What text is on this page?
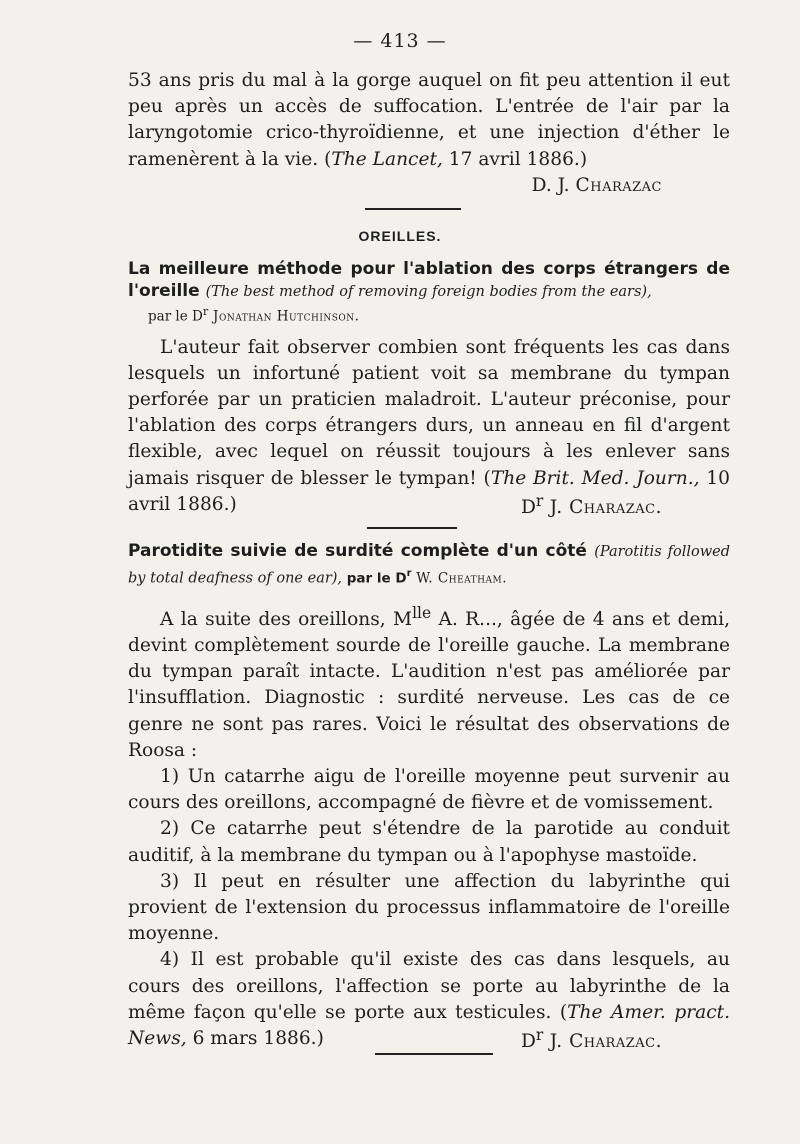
— 413 —

53 ans pris du mal à la gorge auquel on fit peu attention il eut peu après un accès de suffocation. L'entrée de l'air par la laryngotomie crico-thyroïdienne, et une injection d'éther le ramenèrent à la vie. (The Lancet, 17 avril 1886.)

D. J. Charazac
OREILLES.

La meilleure méthode pour l'ablation des corps étrangers de l'oreille (The best method of removing foreign bodies from the ears),

par le $D^r$ Jonathan Hutchinson.

L'auteur fait observer combien sont fréquents les cas dans lesquels un infortuné patient voit sa membrane du tympan perforée par un praticien maladroit. L'auteur préconise, pour l'ablation des corps étrangers durs, un anneau en fil d'argent flexible, avec lequel on réussit toujours à les enlever sans jamais risquer de blesser le tympan! (The Brit. Med. Journ., 10 avril 1886.)	$D^r$ J. Charazac.

Parotidite suivie de surdité complète d'un côté (Parotitis followed by total deafness of one ear), par le $D^r$ W. Cheatham.

A la suite des oreillons, $M^{lle}$ A. R..., âgée de 4 ans et demi, devint complètement sourde de l'oreille gauche. La membrane du tympan paraît intacte. L'audition n'est pas améliorée par l'insufflation. Diagnostic : surdité nerveuse. Les cas de ce genre ne sont pas rares. Voici le résultat des observations de Roosa :

1) Un catarrhe aigu de l'oreille moyenne peut survenir au cours des oreillons, accompagné de fièvre et de vomissement.

2) Ce catarrhe peut s'étendre de la parotide au conduit auditif, à la membrane du tympan ou à l'apophyse mastoïde.

3) Il peut en résulter une affection du labyrinthe qui provient de l'extension du processus inflammatoire de l'oreille moyenne.

4) Il est probable qu'il existe des cas dans lesquels, au cours des oreillons, l'affection se porte au labyrinthe de la même façon qu'elle se porte aux testicules. (The Amer. pract. News, 6 mars 1886.)	$D^r$ J. Charazac.
